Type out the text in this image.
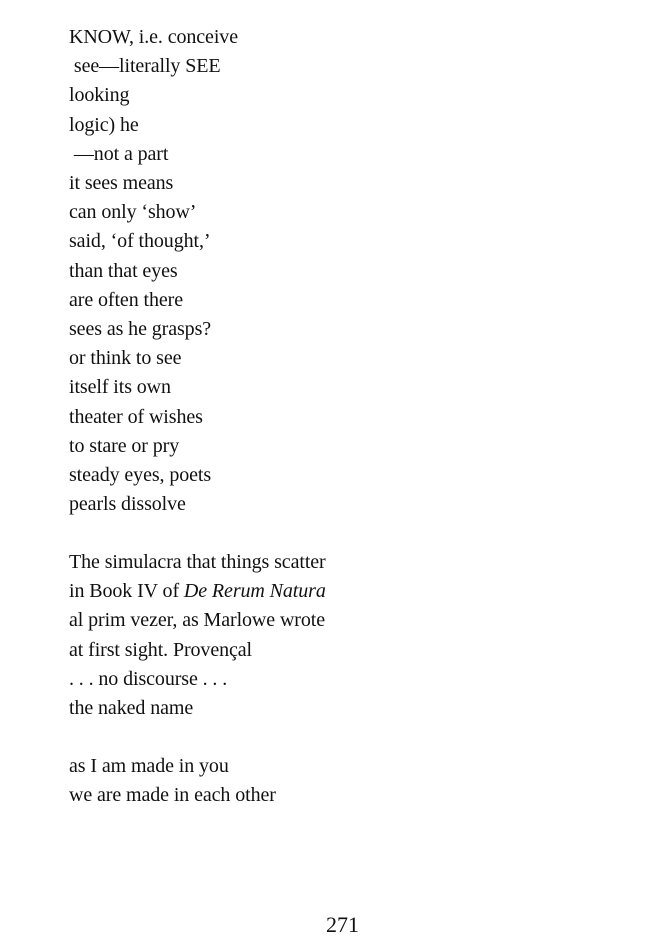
KNOW, i.e. conceive
see—literally SEE
looking
logic) he
—not a part
it sees means
can only ‘show’
said, ‘of thought,’
than that eyes
are often there
sees as he grasps?
or think to see
itself its own
theater of wishes
to stare or pry
steady eyes, poets
pearls dissolve
The simulacra that things scatter
in Book IV of De Rerum Natura
al prim vezer, as Marlowe wrote
at first sight. Provençal
. . . no discourse . . .
the naked name
as I am made in you
we are made in each other
271
